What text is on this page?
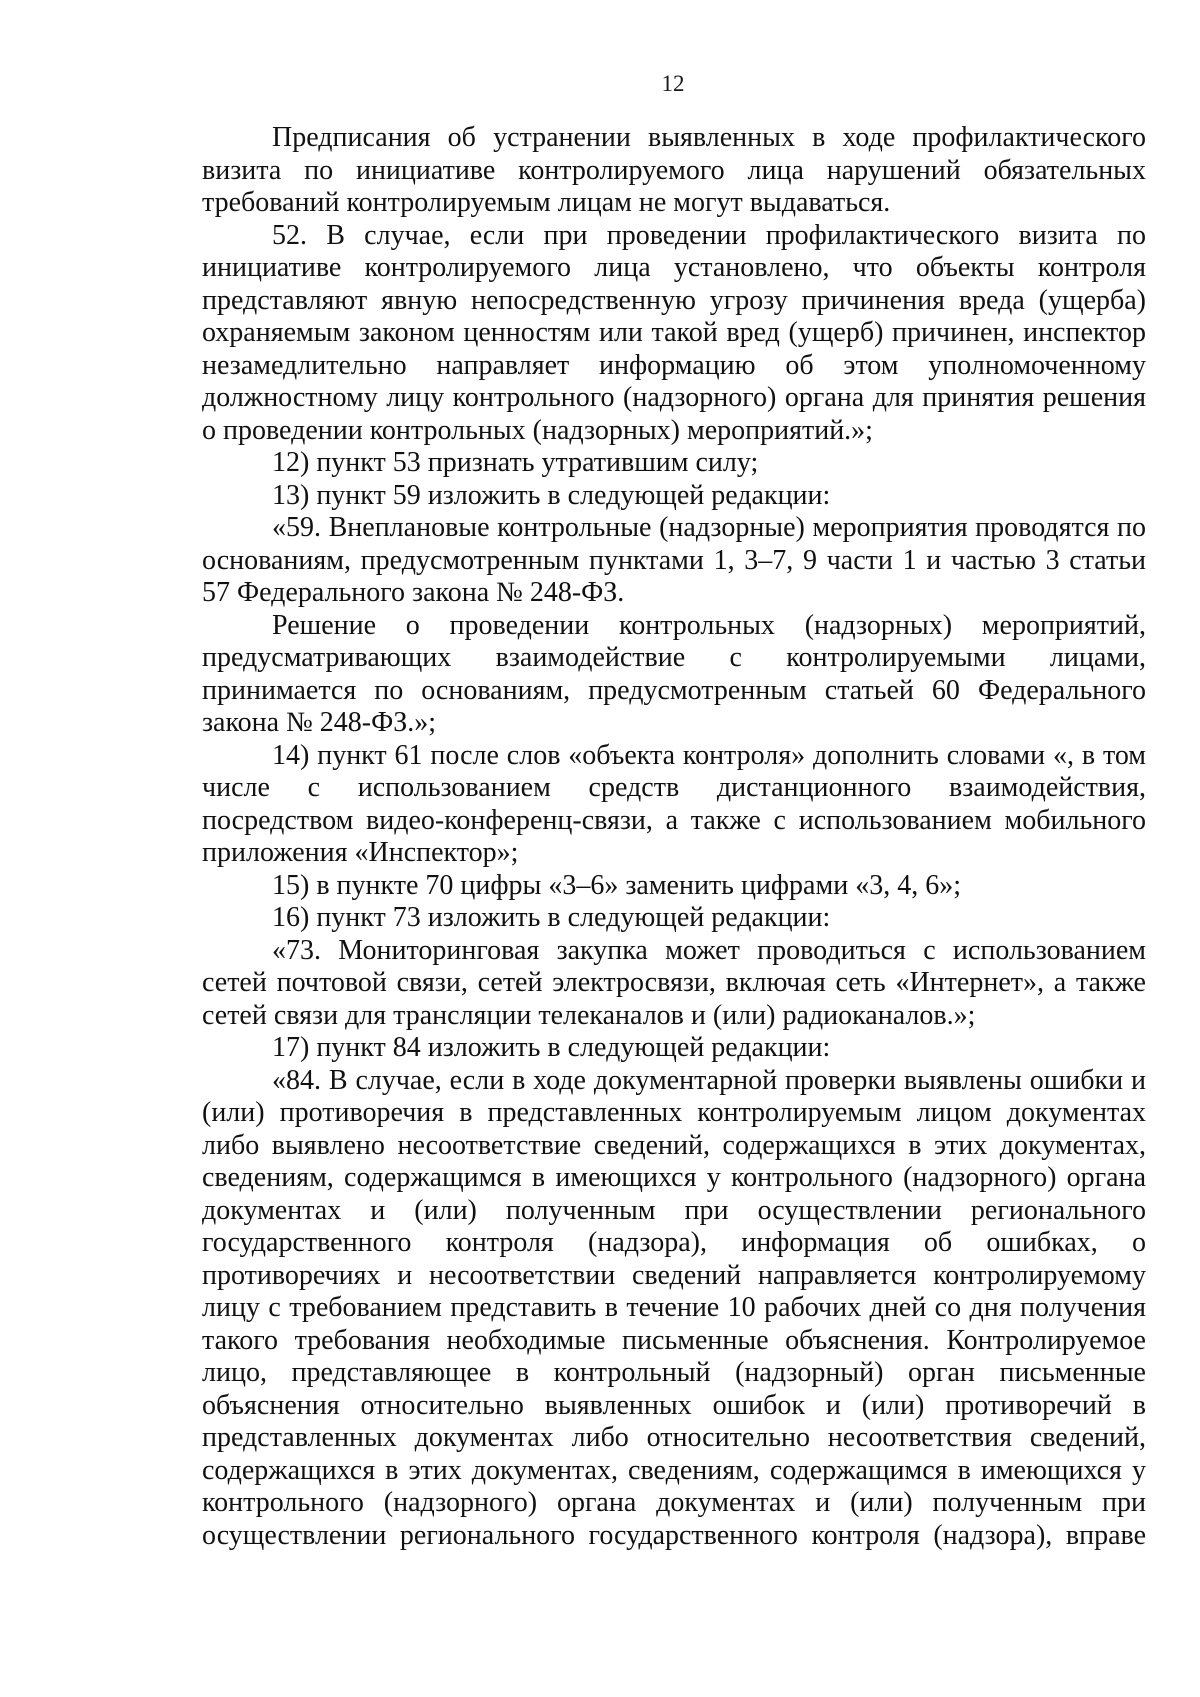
12

Предписания об устранении выявленных в ходе профилактического визита по инициативе контролируемого лица нарушений обязательных требований контролируемым лицам не могут выдаваться.

52. В случае, если при проведении профилактического визита по инициативе контролируемого лица установлено, что объекты контроля представляют явную непосредственную угрозу причинения вреда (ущерба) охраняемым законом ценностям или такой вред (ущерб) причинен, инспектор незамедлительно направляет информацию об этом уполномоченному должностному лицу контрольного (надзорного) органа для принятия решения о проведении контрольных (надзорных) мероприятий.»;

12) пункт 53 признать утратившим силу;

13) пункт 59 изложить в следующей редакции:

«59. Внеплановые контрольные (надзорные) мероприятия проводятся по основаниям, предусмотренным пунктами 1, 3–7, 9 части 1 и частью 3 статьи 57 Федерального закона № 248-ФЗ.

Решение о проведении контрольных (надзорных) мероприятий, предусматривающих взаимодействие с контролируемыми лицами, принимается по основаниям, предусмотренным статьей 60 Федерального закона № 248-ФЗ.»;

14) пункт 61 после слов «объекта контроля» дополнить словами «, в том числе с использованием средств дистанционного взаимодействия, посредством видео-конференц-связи, а также с использованием мобильного приложения «Инспектор»;

15) в пункте 70 цифры «3–6» заменить цифрами «3, 4, 6»;

16) пункт 73 изложить в следующей редакции:

«73. Мониторинговая закупка может проводиться с использованием сетей почтовой связи, сетей электросвязи, включая сеть «Интернет», а также сетей связи для трансляции телеканалов и (или) радиоканалов.»;

17) пункт 84 изложить в следующей редакции:

«84. В случае, если в ходе документарной проверки выявлены ошибки и (или) противоречия в представленных контролируемым лицом документах либо выявлено несоответствие сведений, содержащихся в этих документах, сведениям, содержащимся в имеющихся у контрольного (надзорного) органа документах и (или) полученным при осуществлении регионального государственного контроля (надзора), информация об ошибках, о противоречиях и несоответствии сведений направляется контролируемому лицу с требованием представить в течение 10 рабочих дней со дня получения такого требования необходимые письменные объяснения. Контролируемое лицо, представляющее в контрольный (надзорный) орган письменные объяснения относительно выявленных ошибок и (или) противоречий в представленных документах либо относительно несоответствия сведений, содержащихся в этих документах, сведениям, содержащимся в имеющихся у контрольного (надзорного) органа документах и (или) полученным при осуществлении регионального государственного контроля (надзора), вправе
